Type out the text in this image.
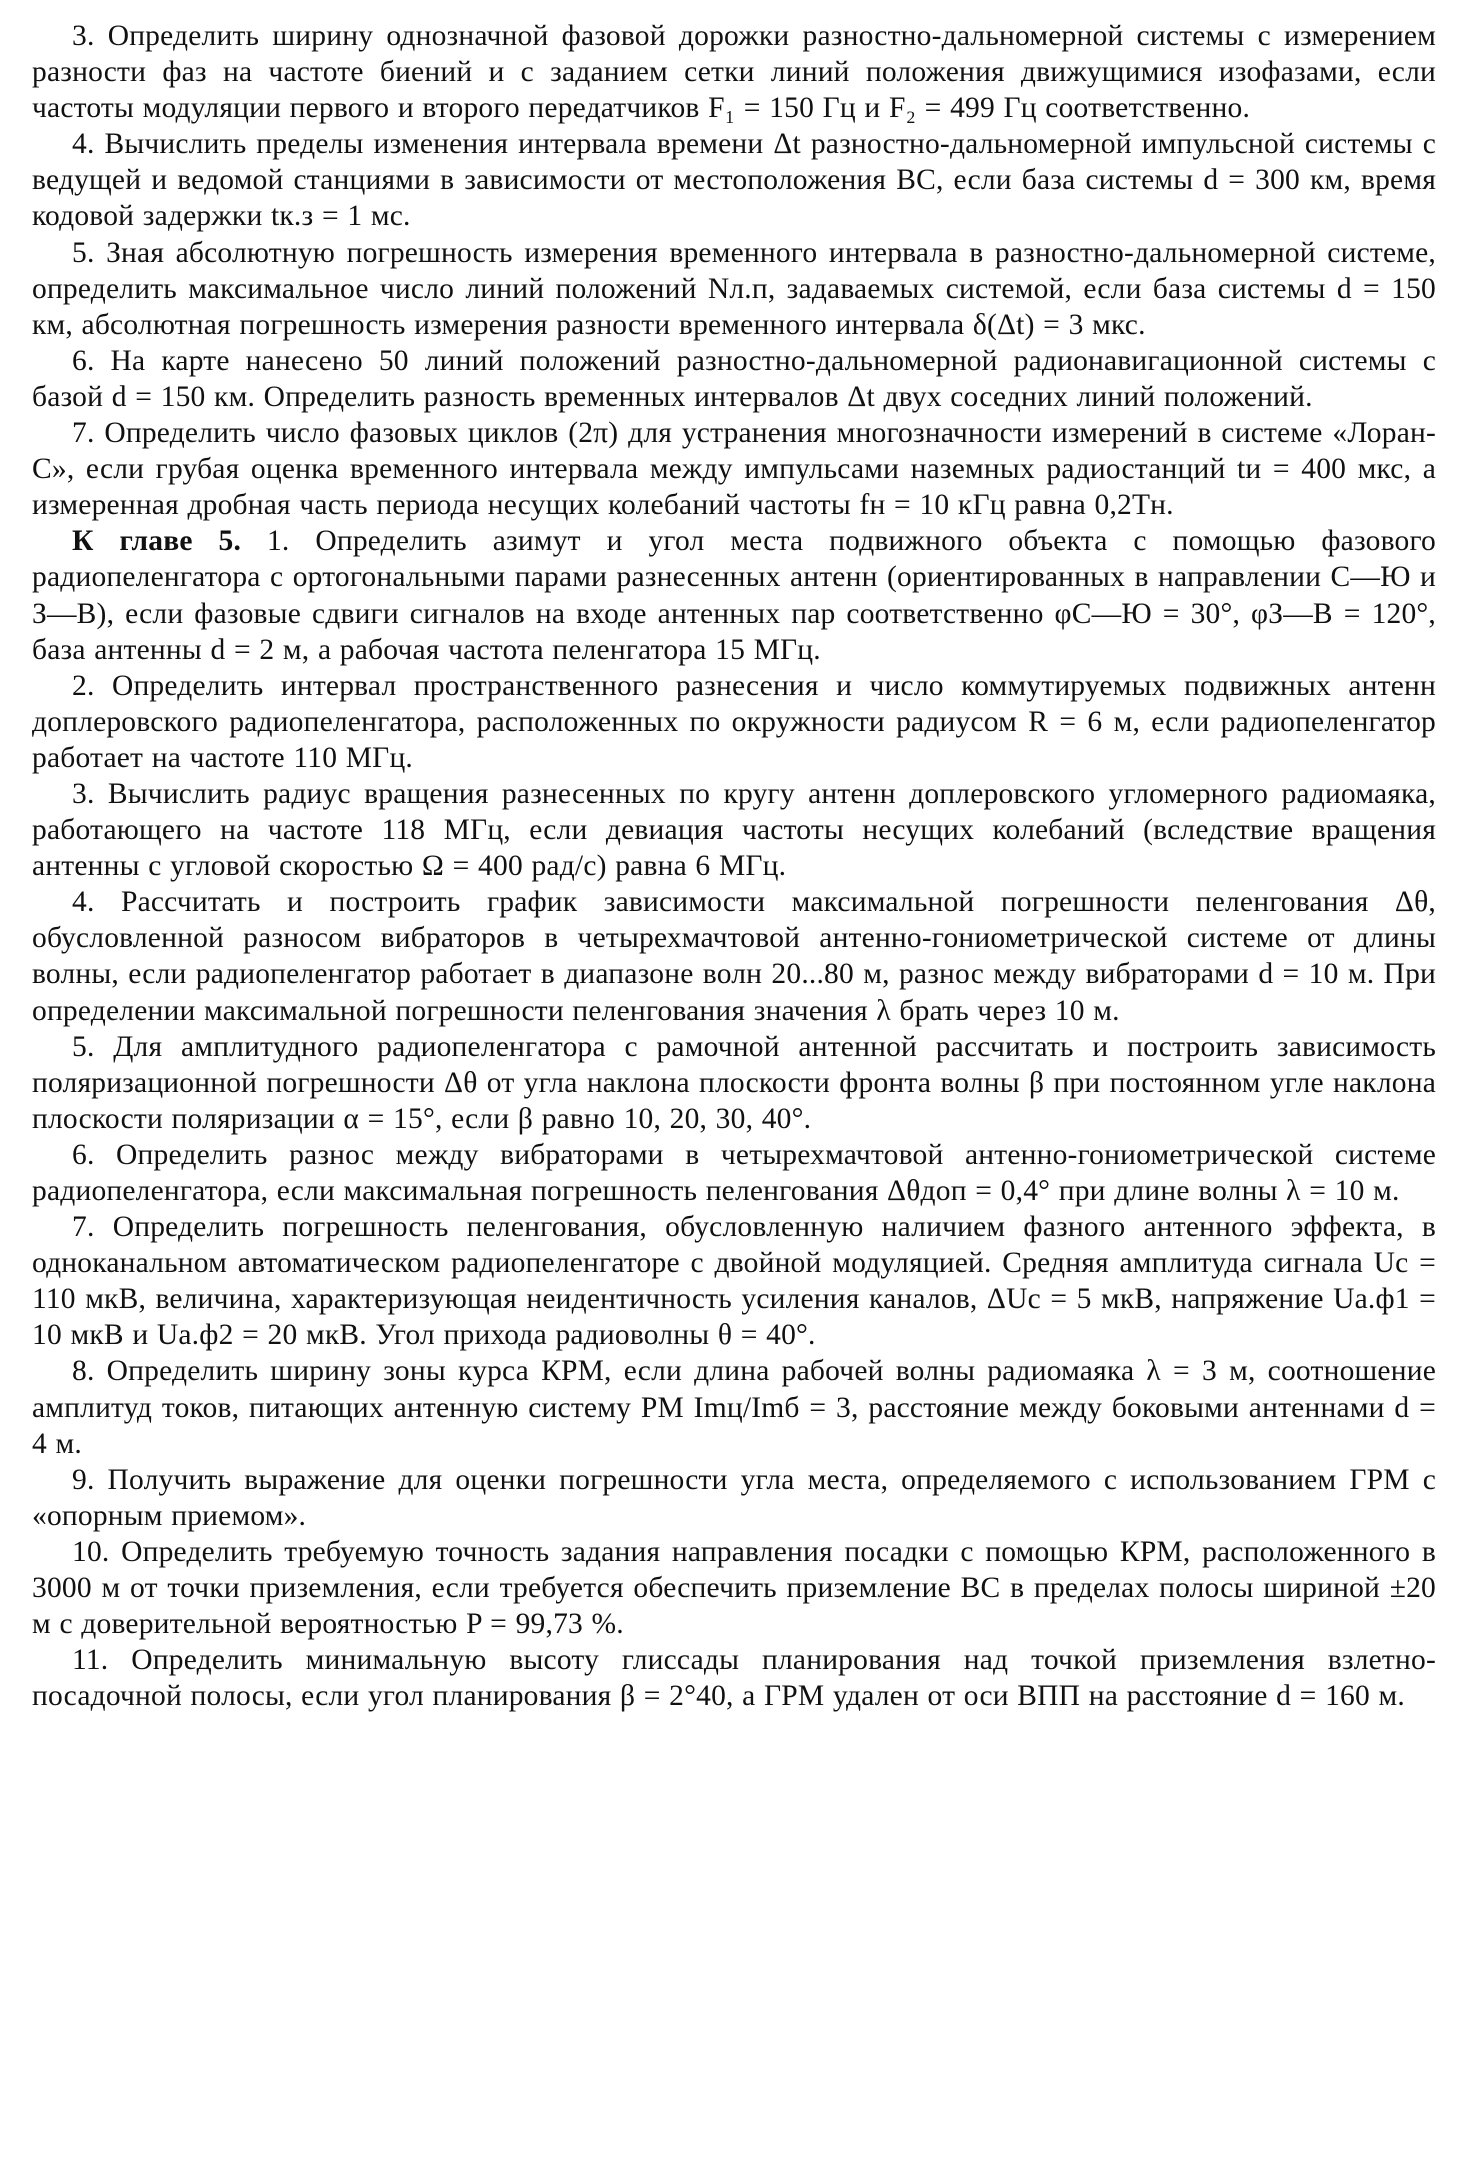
3. Определить ширину однозначной фазовой дорожки разностно-дальномерной системы с измерением разности фаз на частоте биений и с заданием сетки линий положения движущимися изофазами, если частоты модуляции первого и второго передатчиков F₁ = 150 Гц и F₂ = 499 Гц соответственно.

4. Вычислить пределы изменения интервала времени Δt разностно-дальномерной импульсной системы с ведущей и ведомой станциями в зависимости от местоположения ВС, если база системы d = 300 км, время кодовой задержки tк.з = 1 мс.

5. Зная абсолютную погрешность измерения временного интервала в разностно-дальномерной системе, определить максимальное число линий положений Nл.п, задаваемых системой, если база системы d = 150 км, абсолютная погрешность измерения разности временного интервала δ(Δt) = 3 мкс.

6. На карте нанесено 50 линий положений разностно-дальномерной радионавигационной системы с базой d = 150 км. Определить разность временных интервалов Δt двух соседних линий положений.

7. Определить число фазовых циклов (2π) для устранения многозначности измерений в системе «Лоран-С», если грубая оценка временного интервала между импульсами наземных радиостанций tи = 400 мкс, а измеренная дробная часть периода несущих колебаний частоты fн = 10 кГц равна 0,2Tн.

К главе 5. 1. Определить азимут и угол места подвижного объекта с помощью фазового радиопеленгатора с ортогональными парами разнесенных антенн (ориентированных в направлении С—Ю и З—В), если фазовые сдвиги сигналов на входе антенных пар соответственно φС—Ю = 30°, φЗ—В = 120°, база антенны d = 2 м, а рабочая частота пеленгатора 15 МГц.

2. Определить интервал пространственного разнесения и число коммутируемых подвижных антенн доплеровского радиопеленгатора, расположенных по окружности радиусом R = 6 м, если радиопеленгатор работает на частоте 110 МГц.

3. Вычислить радиус вращения разнесенных по кругу антенн доплеровского угломерного радиомаяка, работающего на частоте 118 МГц, если девиация частоты несущих колебаний (вследствие вращения антенны с угловой скоростью Ω = 400 рад/с) равна 6 МГц.

4. Рассчитать и построить график зависимости максимальной погрешности пеленгования Δθ, обусловленной разносом вибраторов в четырехмачтовой антенно-гониометрической системе от длины волны, если радиопеленгатор работает в диапазоне волн 20...80 м, разнос между вибраторами d = 10 м. При определении максимальной погрешности пеленгования значения λ брать через 10 м.

5. Для амплитудного радиопеленгатора с рамочной антенной рассчитать и построить зависимость поляризационной погрешности Δθ от угла наклона плоскости фронта волны β при постоянном угле наклона плоскости поляризации α = 15°, если β равно 10, 20, 30, 40°.

6. Определить разнос между вибраторами в четырехмачтовой антенно-гониометрической системе радиопеленгатора, если максимальная погрешность пеленгования Δθдоп = 0,4° при длине волны λ = 10 м.

7. Определить погрешность пеленгования, обусловленную наличием фазного антенного эффекта, в одноканальном автоматическом радиопеленгаторе с двойной модуляцией. Средняя амплитуда сигнала Uc = 110 мкВ, величина, характеризующая неидентичность усиления каналов, ΔUc = 5 мкВ, напряжение Uа.ф1 = 10 мкВ и Uа.ф2 = 20 мкВ. Угол прихода радиоволны θ = 40°.

8. Определить ширину зоны курса КРМ, если длина рабочей волны радиомаяка λ = 3 м, соотношение амплитуд токов, питающих антенную систему РМ Imц/Imб = 3, расстояние между боковыми антеннами d = 4 м.

9. Получить выражение для оценки погрешности угла места, определяемого с использованием ГРМ с «опорным приемом».

10. Определить требуемую точность задания направления посадки с помощью КРМ, расположенного в 3000 м от точки приземления, если требуется обеспечить приземление ВС в пределах полосы шириной ±20 м с доверительной вероятностью P = 99,73 %.

11. Определить минимальную высоту глиссады планирования над точкой приземления взлетно-посадочной полосы, если угол планирования β = 2°40, а ГРМ удален от оси ВПП на расстояние d = 160 м.
